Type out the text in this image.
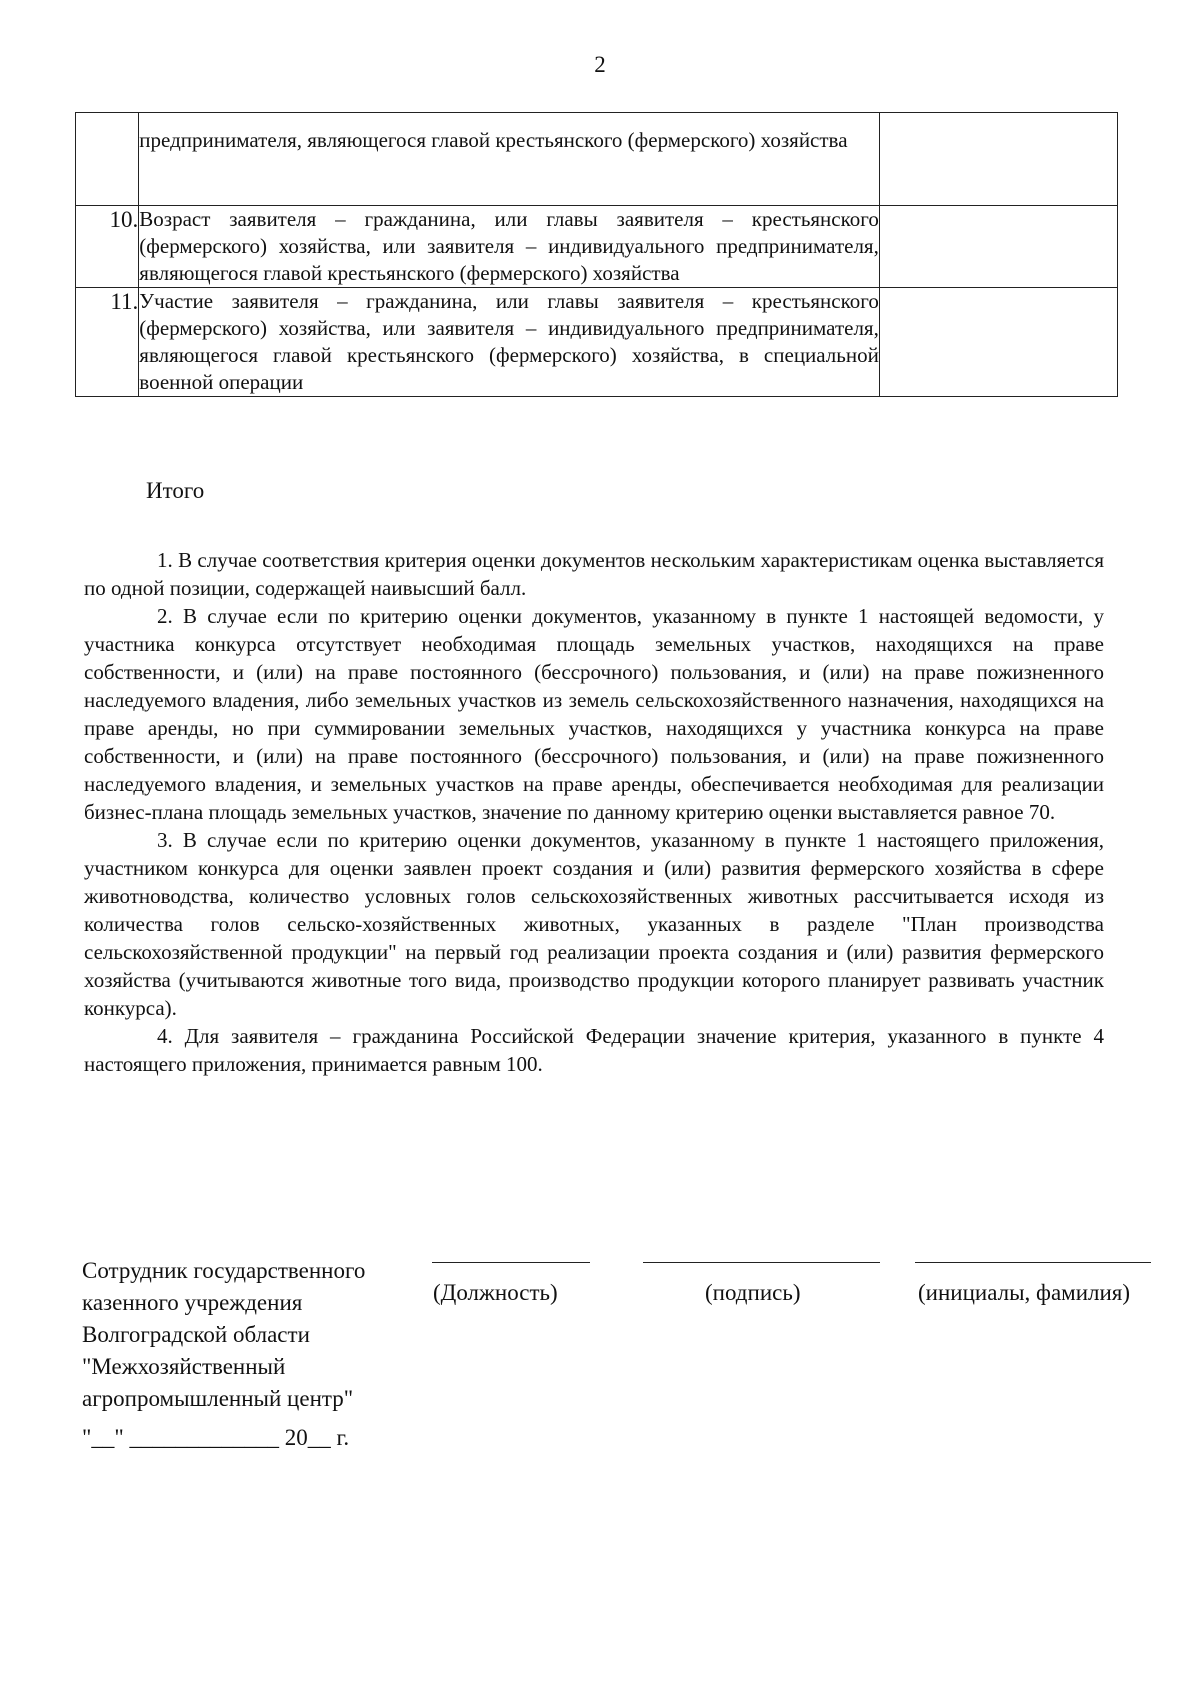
2
	предпринимателя, являющегося главой крестьянского (фермерского) хозяйства	
10.	Возраст заявителя – гражданина, или главы заявителя – крестьянского (фермерского) хозяйства, или заявителя – индивидуального предпринимателя, являющегося главой крестьянского (фермерского) хозяйства	
11.	Участие заявителя – гражданина, или главы заявителя – крестьянского (фермерского) хозяйства, или заявителя – индивидуального предпринимателя, являющегося главой крестьянского (фермерского) хозяйства, в специальной военной операции	
Итого

1. В случае соответствия критерия оценки документов нескольким характеристикам оценка выставляется по одной позиции, содержащей наивысший балл.

2. В случае если по критерию оценки документов, указанному в пункте 1 настоящей ведомости, у участника конкурса отсутствует необходимая площадь земельных участков, находящихся на праве собственности, и (или) на праве постоянного (бессрочного) пользования, и (или) на праве пожизненного наследуемого владения, либо земельных участков из земель сельскохозяйственного назначения, находящихся на праве аренды, но при суммировании земельных участков, находящихся у участника конкурса на праве собственности, и (или) на праве постоянного (бессрочного) пользования, и (или) на праве пожизненного наследуемого владения, и земельных участков на праве аренды, обеспечивается необходимая для реализации бизнес-плана площадь земельных участков, значение по данному критерию оценки выставляется равное 70.

3. В случае если по критерию оценки документов, указанному в пункте 1 настоящего приложения, участником конкурса для оценки заявлен проект создания и (или) развития фермерского хозяйства в сфере животноводства, количество условных голов сельскохозяйственных животных рассчитывается исходя из количества голов сельско-хозяйственных животных, указанных в разделе "План производства сельскохозяйственной продукции" на первый год реализации проекта создания и (или) развития фермерского хозяйства (учитываются животные того вида, производство продукции которого планирует развивать участник конкурса).

4. Для заявителя – гражданина Российской Федерации значение критерия, указанного в пункте 4 настоящего приложения, принимается равным 100.

Сотрудник государственного
казенного учреждения
Волгоградской области
"Межхозяйственный
агропромышленный центр"
(Должность)	(подпись)	(инициалы, фамилия)
"__" _____________ 20__ г.
